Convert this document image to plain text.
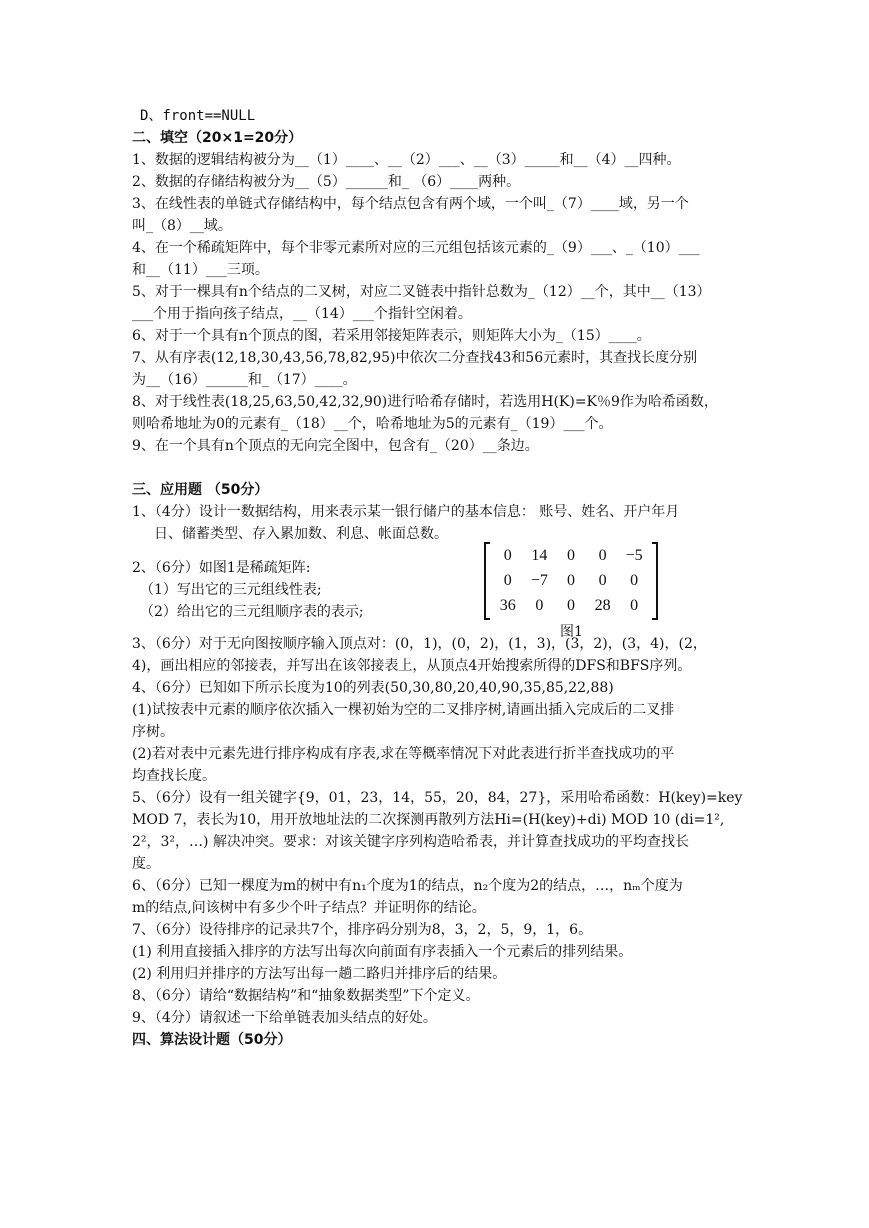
D、front==NULL
二、填空（20×1=20分）
1、数据的逻辑结构被分为__（1）____、__（2）___、__（3）_____和__（4）__四种。
2、数据的存储结构被分为__（5）______和_ （6）____两种。
3、在线性表的单链式存储结构中，每个结点包含有两个域，一个叫_（7）____域，另一个
叫_（8）__域。
4、在一个稀疏矩阵中，每个非零元素所对应的三元组包括该元素的_（9）___、_（10）___
和__（11）___三项。
5、对于一棵具有n个结点的二叉树，对应二叉链表中指针总数为_（12）__个，其中__（13）
___个用于指向孩子结点，__（14）___个指针空闲着。
6、对于一个具有n个顶点的图，若采用邻接矩阵表示，则矩阵大小为_（15）____。
7、从有序表(12,18,30,43,56,78,82,95)中依次二分查找43和56元素时，其查找长度分别
为__（16）______和_（17）____。
8、对于线性表(18,25,63,50,42,32,90)进行哈希存储时，若选用H(K)=K％9作为哈希函数，
则哈希地址为0的元素有_（18）__个，哈希地址为5的元素有_（19）___个。
9、在一个具有n个顶点的无向完全图中，包含有_（20）__条边。
三、应用题 （50分）
1、（4分）设计一数据结构，用来表示某一银行储户的基本信息： 账号、姓名、开户年月
日、储蓄类型、存入累加数、利息、帐面总数。
2、（6分）如图1是稀疏矩阵:
（1）写出它的三元组线性表;
（2）给出它的三元组顺序表的表示;
0	14	0	0	−5
0	−7	0	0	0
36	0	0	28	0
图1
3、（6分）对于无向图按顺序输入顶点对：(0，1)，(0，2)，(1，3)，(3，2)，(3，4)，(2，
4)，画出相应的邻接表，并写出在该邻接表上，从顶点4开始搜索所得的DFS和BFS序列。
4、（6分）已知如下所示长度为10的列表(50,30,80,20,40,90,35,85,22,88)
(1)试按表中元素的顺序依次插入一棵初始为空的二叉排序树,请画出插入完成后的二叉排
序树。
(2)若对表中元素先进行排序构成有序表,求在等概率情况下对此表进行折半查找成功的平
均查找长度。
5、（6分）设有一组关键字{9，01，23，14，55，20，84，27}，采用哈希函数：H(key)=key
MOD 7，表长为10，用开放地址法的二次探测再散列方法Hi=(H(key)+di) MOD 10 (di=1²,
2²，3²，…) 解决冲突。要求：对该关键字序列构造哈希表，并计算查找成功的平均查找长
度。
6、（6分）已知一棵度为m的树中有n₁个度为1的结点，n₂个度为2的结点，…，nₘ个度为
m的结点,问该树中有多少个叶子结点？并证明你的结论。
7、（6分）设待排序的记录共7个，排序码分别为8，3，2，5，9，1，6。
(1) 利用直接插入排序的方法写出每次向前面有序表插入一个元素后的排列结果。
(2) 利用归并排序的方法写出每一趟二路归并排序后的结果。
8、（6分）请给“数据结构”和“抽象数据类型”下个定义。
9、（4分）请叙述一下给单链表加头结点的好处。
四、算法设计题（50分）
